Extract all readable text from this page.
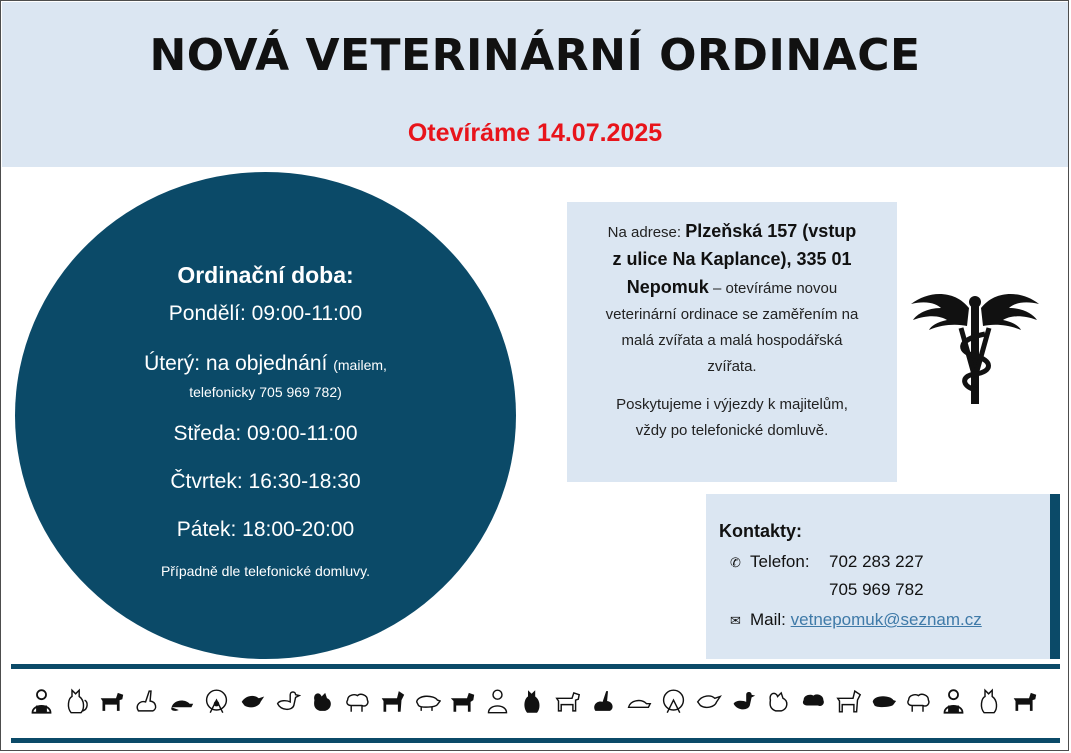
NOVÁ VETERINÁRNÍ ORDINACE
Otevíráme 14.07.2025
Ordinační doba:
Pondělí: 09:00-11:00
Úterý: na objednání (mailem,
telefonicky 705 969 782)
Středa: 09:00-11:00
Čtvrtek: 16:30-18:30
Pátek: 18:00-20:00
Případně dle telefonické domluvy.

Na adrese: Plzeňská 157 (vstup
z ulice Na Kaplance), 335 01
Nepomuk – otevíráme novou
veterinární ordinace se zaměřením na
malá zvířata a malá hospodářská
zvířata.

Poskytujeme i výjezdy k majitelům,
vždy po telefonické domluvě.

Kontakty:
✆ Telefon: 702 283 227
705 969 782
✉ Mail: vetnepomuk@seznam.cz
